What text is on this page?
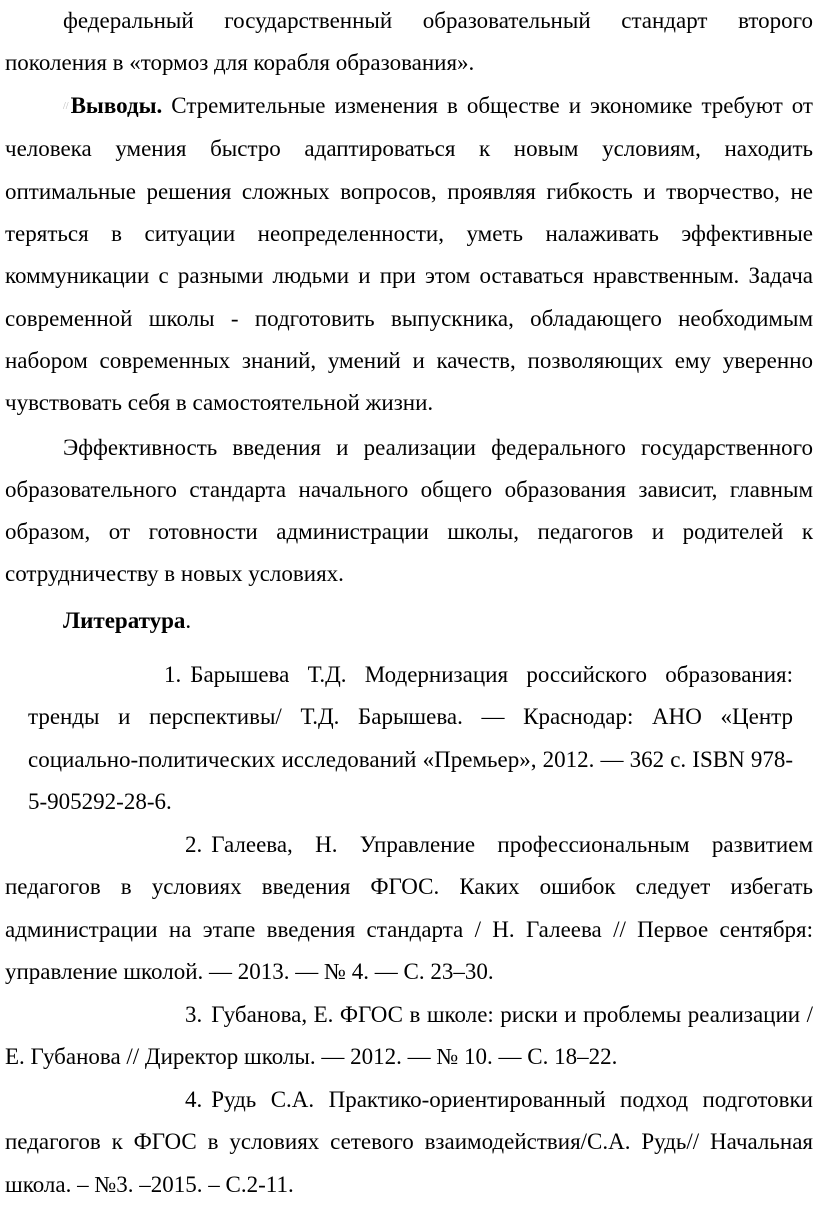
федеральный государственный образовательный стандарт второго поколения в «тормоз для корабля образования».

//Выводы. Стремительные изменения в обществе и экономике требуют от человека умения быстро адаптироваться к новым условиям, находить оптимальные решения сложных вопросов, проявляя гибкость и творчество, не теряться в ситуации неопределенности, уметь налаживать эффективные коммуникации с разными людьми и при этом оставаться нравственным. Задача современной школы - подготовить выпускника, обладающего необходимым набором современных знаний, умений и качеств, позволяющих ему уверенно чувствовать себя в самостоятельной жизни.

Эффективность введения и реализации федерального государственного образовательного стандарта начального общего образования зависит, главным образом, от готовности администрации школы, педагогов и родителей к сотрудничеству в новых условиях.

Литература.

1. Барышева Т.Д. Модернизация российского образования: тренды и перспективы/ Т.Д. Барышева. — Краснодар: АНО «Центр социально-политических исследований «Премьер», 2012. — 362 с. ISBN 978-5-905292-28-6.
2. Галеева, Н. Управление профессиональным развитием педагогов в условиях введения ФГОС. Каких ошибок следует избегать администрации на этапе введения стандарта / Н. Галеева // Первое сентября: управление школой. — 2013. — № 4. — С. 23–30.
3. Губанова, Е. ФГОС в школе: риски и проблемы реализации / Е. Губанова // Директор школы. — 2012. — № 10. — С. 18–22.
4. Рудь С.А. Практико-ориентированный подход подготовки педагогов к ФГОС в условиях сетевого взаимодействия/С.А. Рудь// Начальная школа. – №3. –2015. – С.2-11.
